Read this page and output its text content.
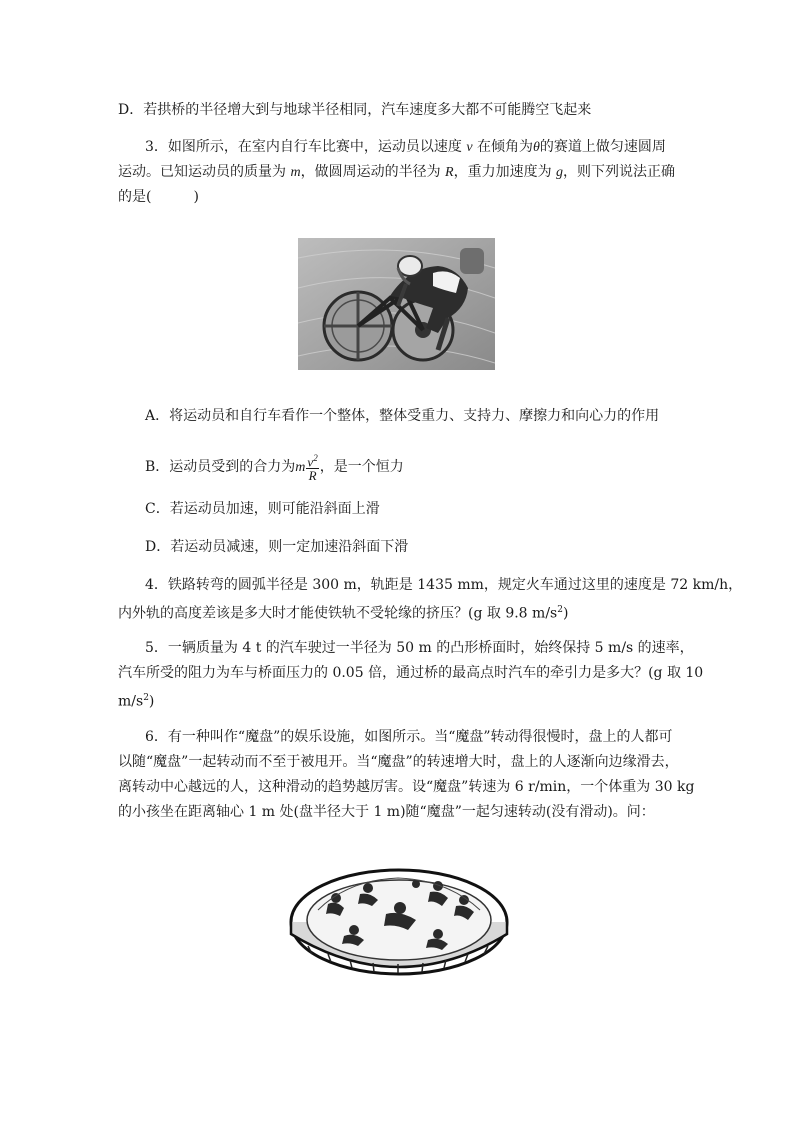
D．若拱桥的半径增大到与地球半径相同，汽车速度多大都不可能腾空飞起来
3．如图所示，在室内自行车比赛中，运动员以速度 v 在倾角为θ的赛道上做匀速圆周
运动。已知运动员的质量为 m，做圆周运动的半径为 R，重力加速度为 g，则下列说法正确
的是(　　　)
A．将运动员和自行车看作一个整体，整体受重力、支持力、摩擦力和向心力的作用
B．运动员受到的合力为m $\frac{v^2}{R}$ ，是一个恒力
C．若运动员加速，则可能沿斜面上滑
D．若运动员减速，则一定加速沿斜面下滑
4．铁路转弯的圆弧半径是 300 m，轨距是 1435 mm，规定火车通过这里的速度是 72 km/h，
内外轨的高度差该是多大时才能使铁轨不受轮缘的挤压？(g 取 9.8 $m/s^2$)
5．一辆质量为 4 t 的汽车驶过一半径为 50 m 的凸形桥面时，始终保持 5 m/s 的速率，
汽车所受的阻力为车与桥面压力的 0.05 倍，通过桥的最高点时汽车的牵引力是多大？(g 取 10
$m/s^2$)
6．有一种叫作“魔盘”的娱乐设施，如图所示。当“魔盘”转动得很慢时，盘上的人都可
以随“魔盘”一起转动而不至于被甩开。当“魔盘”的转速增大时，盘上的人逐渐向边缘滑去，
离转动中心越远的人，这种滑动的趋势越厉害。设“魔盘”转速为 6 r/min，一个体重为 30 kg
的小孩坐在距离轴心 1 m 处(盘半径大于 1 m)随“魔盘”一起匀速转动(没有滑动)。问：
